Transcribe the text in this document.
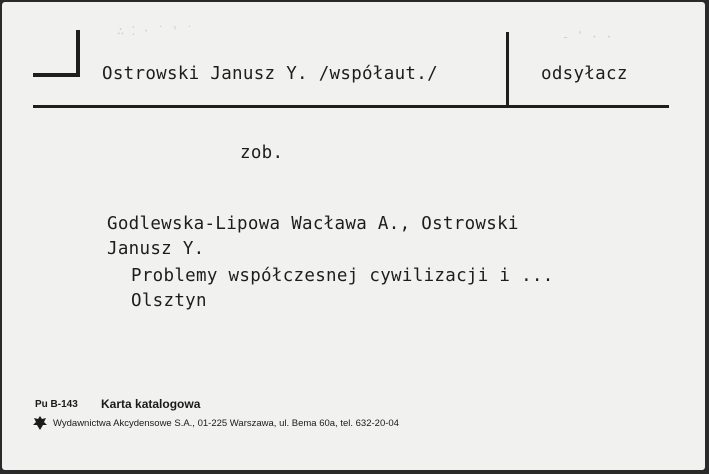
∴ ⁚ · ˙ ' ˙	- ʹ · ·
Ostrowski Janusz Y. /współaut./	odsyłacz
zob.
Godlewska-Lipowa Wacława A., Ostrowski
Janusz Y.
Problemy współczesnej cywilizacji i ...
Olsztyn
Pu B-143 Karta katalogowa
Wydawnictwa Akcydensowe S.A., 01-225 Warszawa, ul. Bema 60a, tel. 632-20-04
